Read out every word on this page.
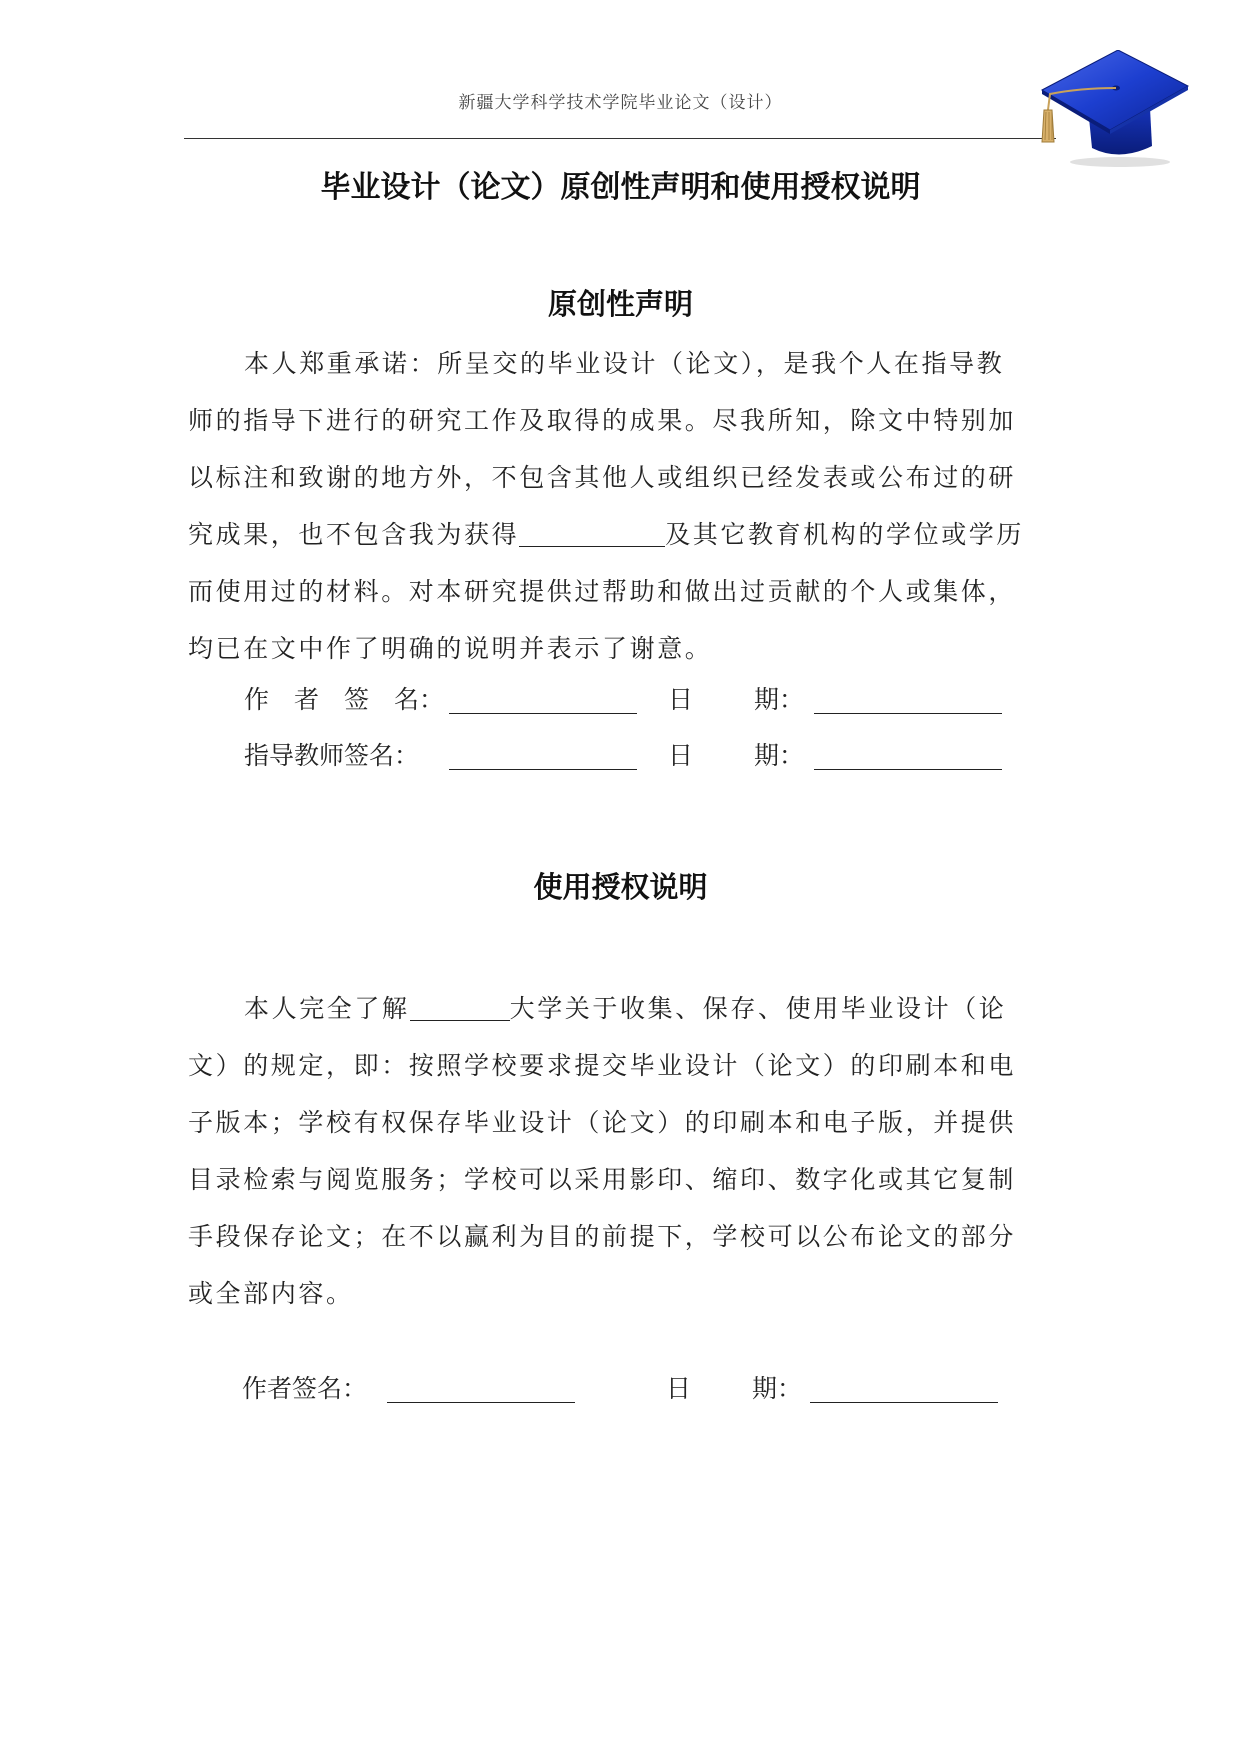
新疆大学科学技术学院毕业论文（设计）
毕业设计（论文）原创性声明和使用授权说明
原创性声明
本人郑重承诺：所呈交的毕业设计（论文），是我个人在指导教
师的指导下进行的研究工作及取得的成果。尽我所知，除文中特别加
以标注和致谢的地方外，不包含其他人或组织已经发表或公布过的研
究成果，也不包含我为获得	及其它教育机构的学位或学历
而使用过的材料。对本研究提供过帮助和做出过贡献的个人或集体，
均已在文中作了明确的说明并表示了谢意。
作　者　签　名：	日 期：
指导教师签名：	日 期：
使用授权说明
本人完全了解	大学关于收集、保存、使用毕业设计（论
文）的规定，即：按照学校要求提交毕业设计（论文）的印刷本和电
子版本；学校有权保存毕业设计（论文）的印刷本和电子版，并提供
目录检索与阅览服务；学校可以采用影印、缩印、数字化或其它复制
手段保存论文；在不以赢利为目的前提下，学校可以公布论文的部分
或全部内容。
作者签名：	日 期：
